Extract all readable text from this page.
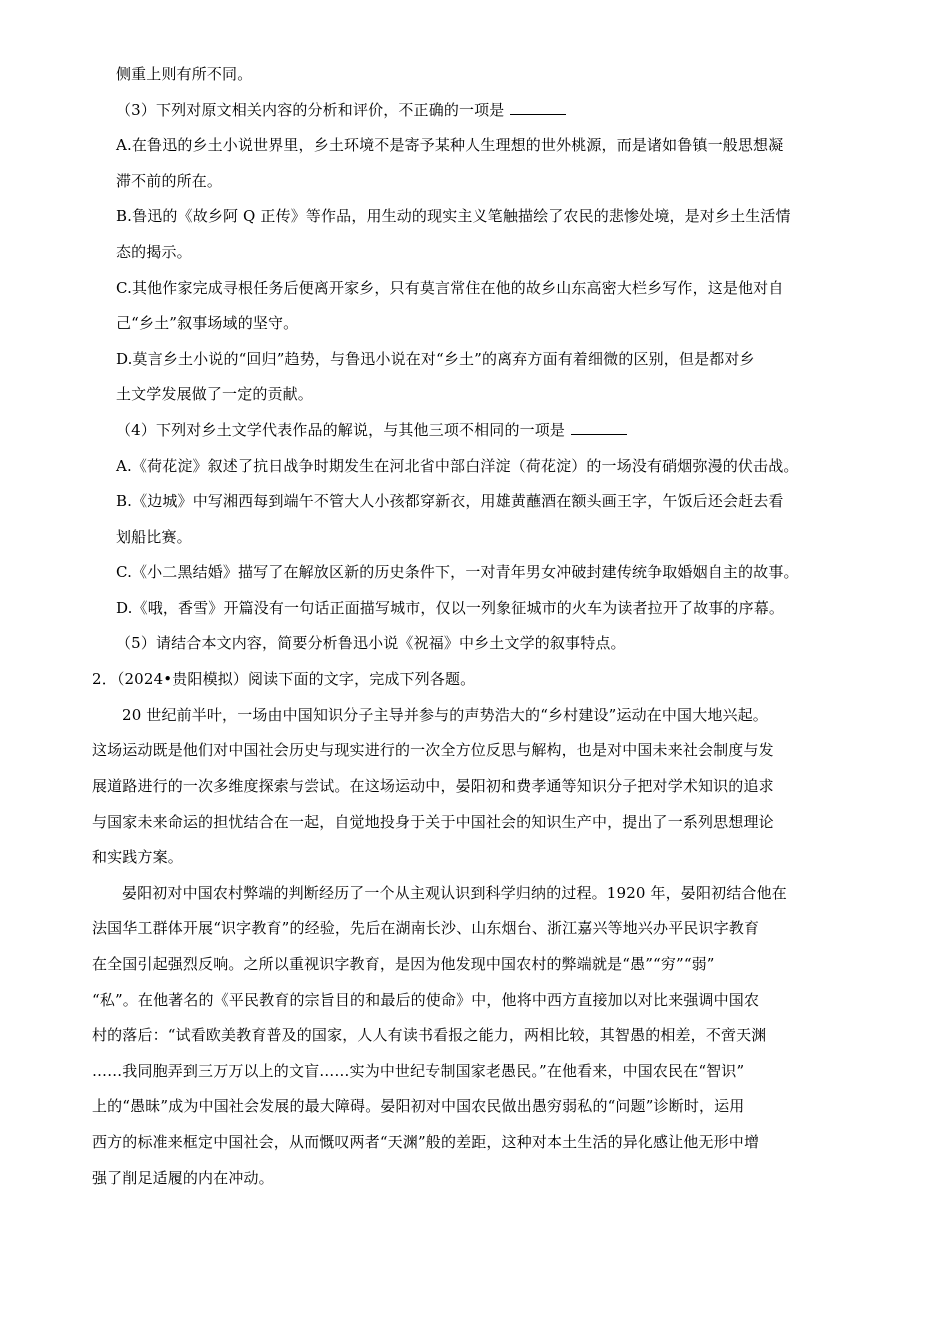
侧重上则有所不同。

（3）下列对原文相关内容的分析和评价，不正确的一项是

A.在鲁迅的乡土小说世界里，乡土环境不是寄予某种人生理想的世外桃源，而是诸如鲁镇一般思想凝

滞不前的所在。

B.鲁迅的《故乡阿 Q 正传》等作品，用生动的现实主义笔触描绘了农民的悲惨处境，是对乡土生活情

态的揭示。

C.其他作家完成寻根任务后便离开家乡，只有莫言常住在他的故乡山东高密大栏乡写作，这是他对自

己“乡土”叙事场域的坚守。

D.莫言乡土小说的“回归”趋势，与鲁迅小说在对“乡土”的离弃方面有着细微的区别，但是都对乡

土文学发展做了一定的贡献。

（4）下列对乡土文学代表作品的解说，与其他三项不相同的一项是

A.《荷花淀》叙述了抗日战争时期发生在河北省中部白洋淀（荷花淀）的一场没有硝烟弥漫的伏击战。

B.《边城》中写湘西每到端午不管大人小孩都穿新衣，用雄黄蘸酒在额头画王字，午饭后还会赶去看

划船比赛。

C.《小二黑结婚》描写了在解放区新的历史条件下，一对青年男女冲破封建传统争取婚姻自主的故事。

D.《哦，香雪》开篇没有一句话正面描写城市，仅以一列象征城市的火车为读者拉开了故事的序幕。

（5）请结合本文内容，简要分析鲁迅小说《祝福》中乡土文学的叙事特点。

2．（2024•贵阳模拟）阅读下面的文字，完成下列各题。

20 世纪前半叶，一场由中国知识分子主导并参与的声势浩大的“乡村建设”运动在中国大地兴起。

这场运动既是他们对中国社会历史与现实进行的一次全方位反思与解构，也是对中国未来社会制度与发

展道路进行的一次多维度探索与尝试。在这场运动中，晏阳初和费孝通等知识分子把对学术知识的追求

与国家未来命运的担忧结合在一起，自觉地投身于关于中国社会的知识生产中，提出了一系列思想理论

和实践方案。

晏阳初对中国农村弊端的判断经历了一个从主观认识到科学归纳的过程。1920 年，晏阳初结合他在

法国华工群体开展“识字教育”的经验，先后在湖南长沙、山东烟台、浙江嘉兴等地兴办平民识字教育

在全国引起强烈反响。之所以重视识字教育，是因为他发现中国农村的弊端就是“愚”“穷”“弱”

“私”。在他著名的《平民教育的宗旨目的和最后的使命》中，他将中西方直接加以对比来强调中国农

村的落后：“试看欧美教育普及的国家，人人有读书看报之能力，两相比较，其智愚的相差，不啻天渊

……我同胞弄到三万万以上的文盲……实为中世纪专制国家老愚民。”在他看来，中国农民在“智识”

上的“愚昧”成为中国社会发展的最大障碍。晏阳初对中国农民做出愚穷弱私的“问题”诊断时，运用

西方的标准来框定中国社会，从而慨叹两者“天渊”般的差距，这种对本土生活的异化感让他无形中增

强了削足适履的内在冲动。
